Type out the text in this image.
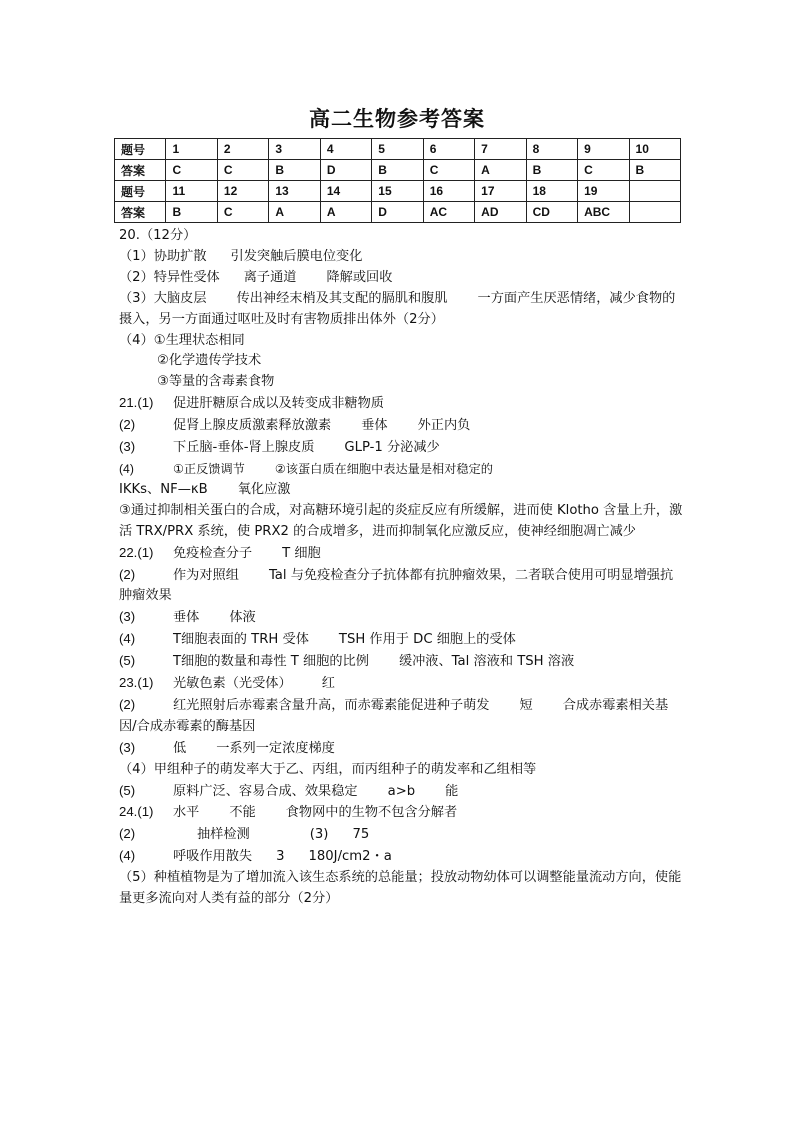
高二生物参考答案
题号	1	2	3	4	5	6	7	8	9	10
答案	C	C	B	D	B	C	A	B	C	B
题号	11	12	13	14	15	16	17	18	19	
答案	B	C	A	A	D	AC	AD	CD	ABC	
20.（12分）
（1）协助扩散 引发突触后膜电位变化
（2）特异性受体 离子通道 降解或回收
（3）大脑皮层 传出神经末梢及其支配的膈肌和腹肌 一方面产生厌恶情绪，减少食物的摄入，另一方面通过呕吐及时有害物质排出体外（2分）
（4）①生理状态相同
②化学遗传学技术
③等量的含毒素食物
21.(1) 促进肝糖原合成以及转变成非糖物质
(2)	促肾上腺皮质激素释放激素 垂体 外正内负
(3)	下丘脑-垂体-肾上腺皮质 GLP-1 分泌减少
(4)	①正反馈调节 ②该蛋白质在细胞中表达量是相对稳定的
IKKs、NF—κB 氧化应激
③通过抑制相关蛋白的合成，对高糖环境引起的炎症反应有所缓解，进而使 Klotho 含量上升，激活 TRX/PRX 系统，使 PRX2 的合成增多，进而抑制氧化应激反应，使神经细胞凋亡减少
22.(1) 免疫检查分子 T 细胞
(2)	作为对照组 Tal 与免疫检查分子抗体都有抗肿瘤效果，二者联合使用可明显增强抗肿瘤效果
(3)	垂体 体液
(4)	T细胞表面的 TRH 受体 TSH 作用于 DC 细胞上的受体
(5)	T细胞的数量和毒性 T 细胞的比例 缓冲液、Tal 溶液和 TSH 溶液
23.(1) 光敏色素（光受体） 红
(2)	红光照射后赤霉素含量升高，而赤霉素能促进种子萌发 短 合成赤霉素相关基因/合成赤霉素的酶基因
(3)	低 一系列一定浓度梯度
（4）甲组种子的萌发率大于乙、丙组，而丙组种子的萌发率和乙组相等
(5)	原料广泛、容易合成、效果稳定 a>b 能
24.(1) 水平 不能 食物网中的生物不包含分解者
(2)	抽样检测	(3) 75
(4)	呼吸作用散失 3 180J/cm2・a
（5）种植植物是为了增加流入该生态系统的总能量；投放动物幼体可以调整能量流动方向，使能量更多流向对人类有益的部分（2分）
